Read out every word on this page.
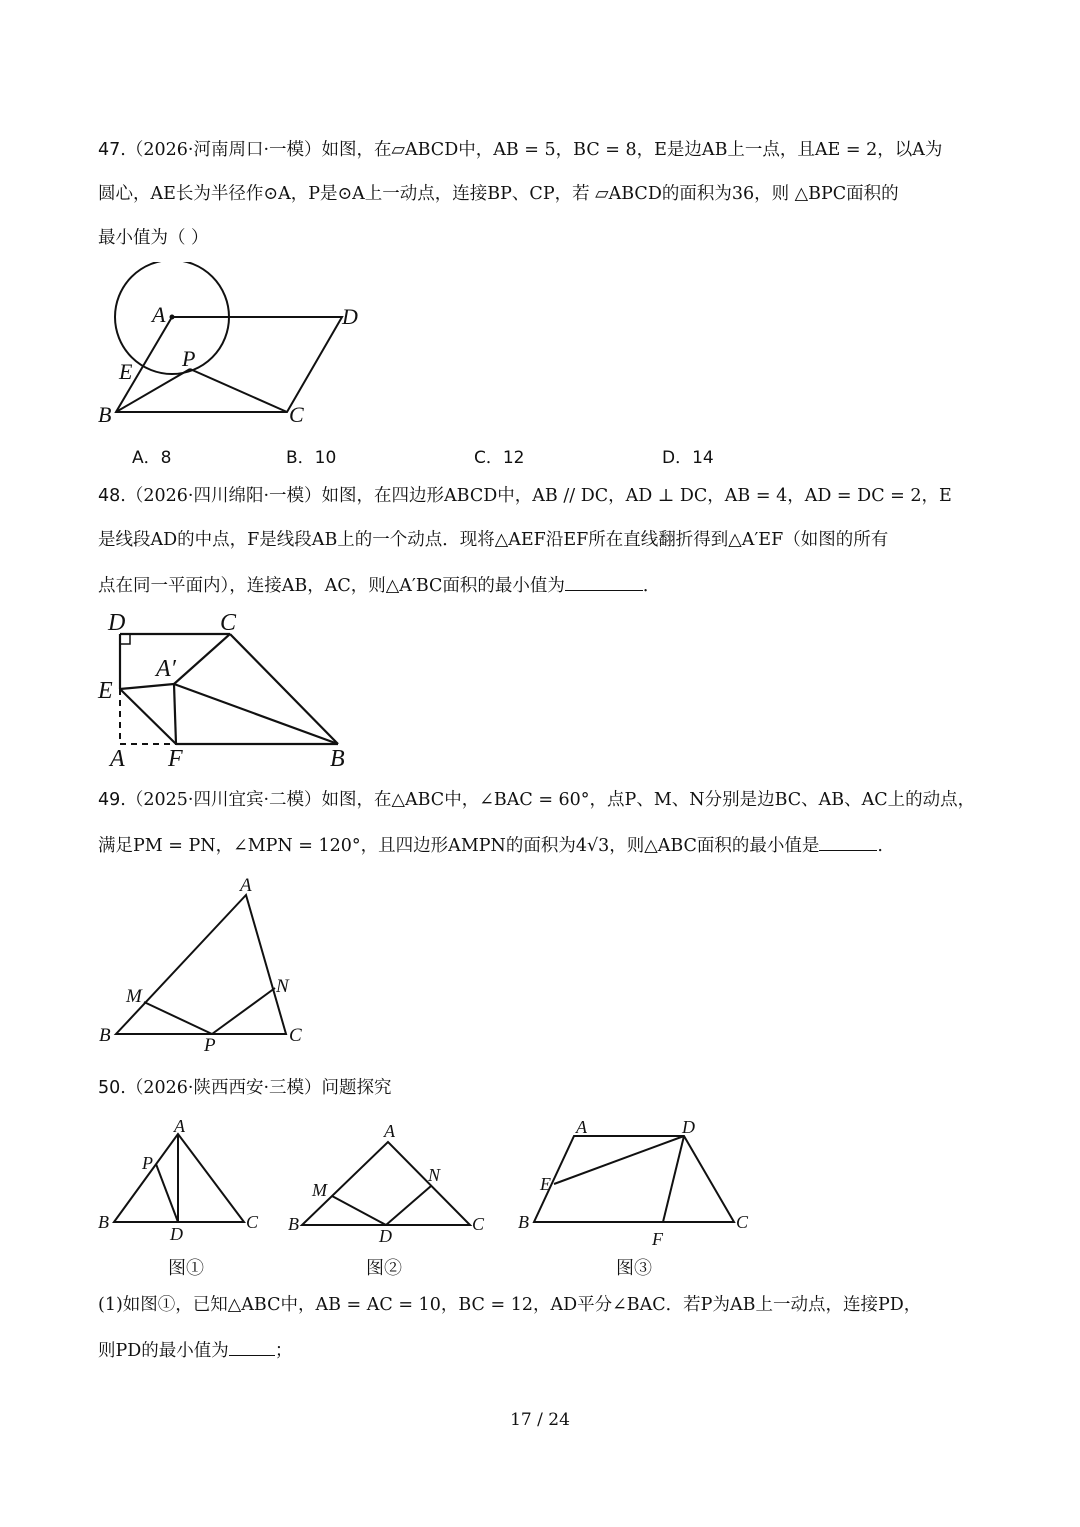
47.（2026·河南周口·一模）如图，在▱ABCD中，AB = 5，BC = 8，E是边AB上一点，且AE = 2，以A为
圆心，AE长为半径作⊙A，P是⊙A上一动点，连接BP、CP，若 ▱ABCD的面积为36，则 △BPC面积的
最小值为（ ）
A	D
E
P
B	C
A．8	B．10	C．12	D．14
48.（2026·四川绵阳·一模）如图，在四边形ABCD中，AB // DC，AD ⊥ DC，AB = 4，AD = DC = 2，E
是线段AD的中点，F是线段AB上的一个动点．现将△AEF沿EF所在直线翻折得到△A′EF（如图的所有
点在同一平面内），连接AB，AC，则△A′BC面积的最小值为	．
D	C
A′
E
A F	B
49.（2025·四川宜宾·二模）如图，在△ABC中，∠BAC = 60°，点P、M、N分别是边BC、AB、AC上的动点，
满足PM = PN，∠MPN = 120°，且四边形AMPN的面积为4√3，则△ABC面积的最小值是	.
A
M	N
B	P	C
50.（2026·陕西西安·三模）问题探究
A
P
B
D
C
图①
A
M
N
B
D
C
图②
A	D
E
B
F
C
图③
(1)如图①，已知△ABC中，AB = AC = 10，BC = 12，AD平分∠BAC．若P为AB上一动点，连接PD，
则PD的最小值为	；
17 / 24
